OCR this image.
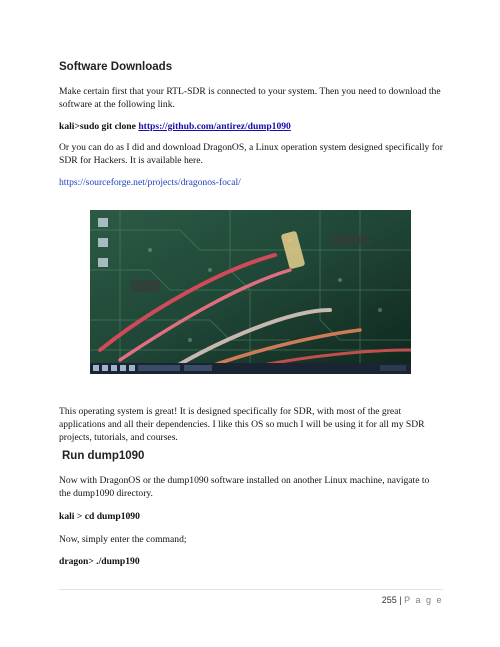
Software Downloads
Make certain first that your RTL-SDR is connected to your system. Then you need to download the software at the following link.
kali>sudo git clone https://github.com/antirez/dump1090
Or you can do as I did and download DragonOS, a Linux operation system designed specifically for SDR for Hackers. It is available here.
https://sourceforge.net/projects/dragonos-focal/
This operating system is great! It is designed specifically for SDR, with most of the great applications and all their dependencies. I like this OS so much I will be using it for all my SDR projects, tutorials, and courses.
Run dump1090
Now with DragonOS or the dump1090 software installed on another Linux machine, navigate to the dump1090 directory.
kali > cd dump1090
Now, simply enter the command;
dragon> ./dump190
255 | P a g e
